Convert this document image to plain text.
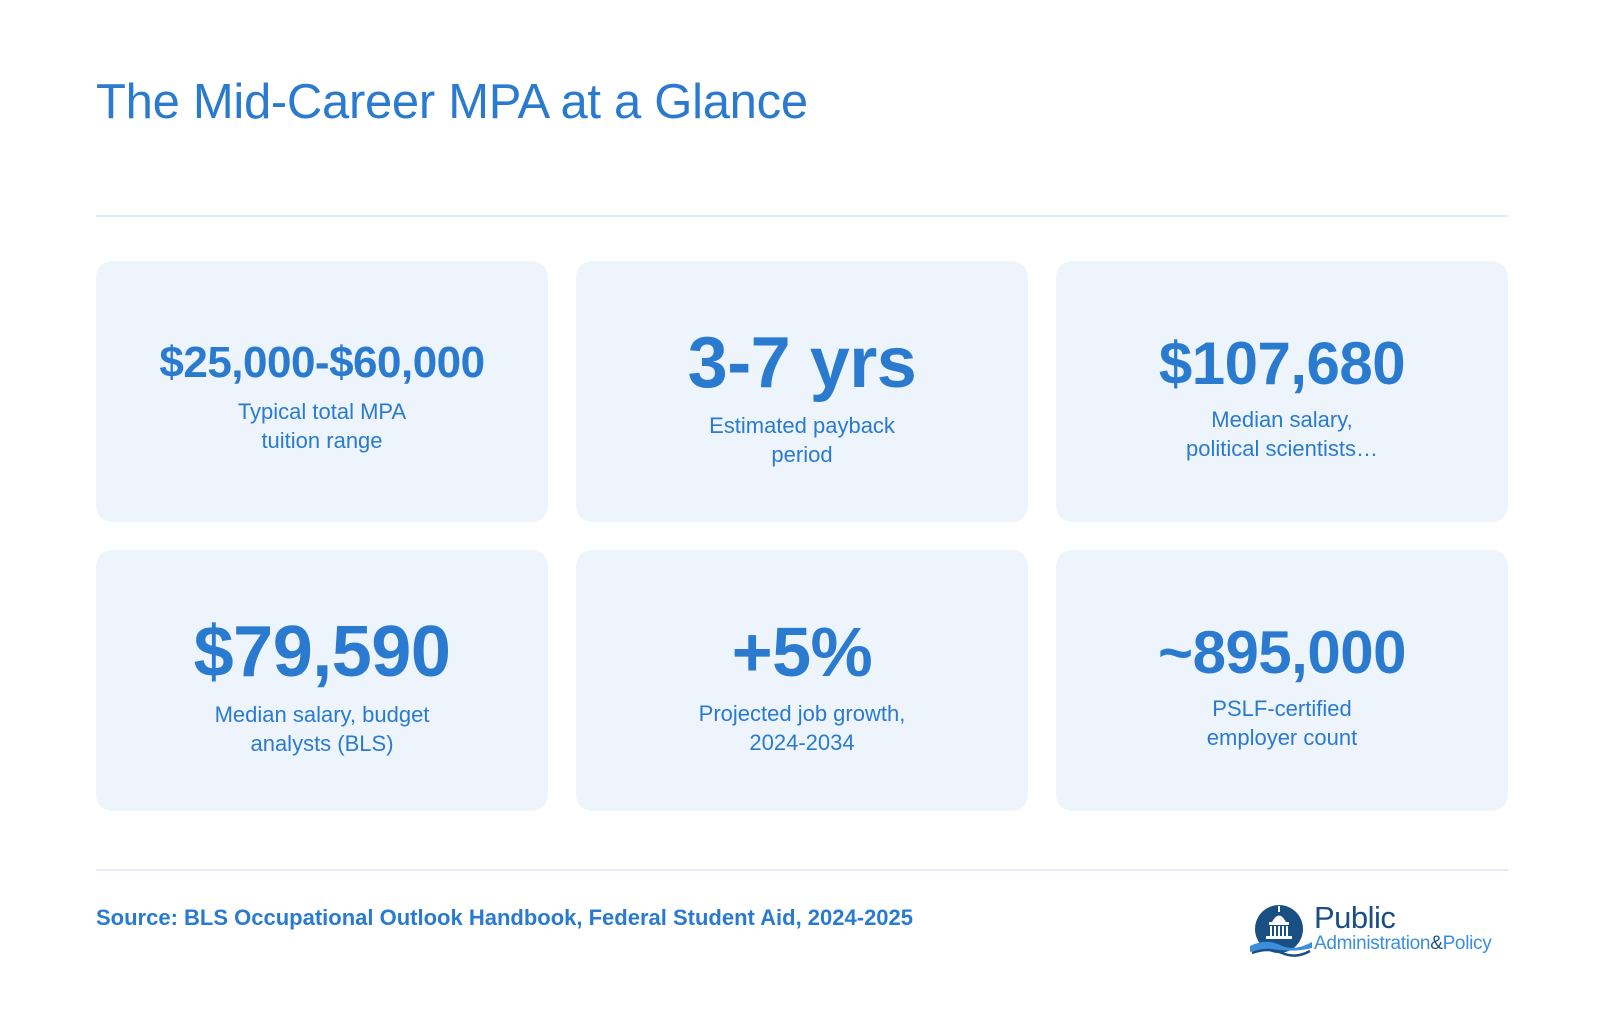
The Mid-Career MPA at a Glance
$25,000-$60,000
Typical total MPA
tuition range
3-7 yrs
Estimated payback
period
$107,680
Median salary,
political scientists…
$79,590
Median salary, budget
analysts (BLS)
+5%
Projected job growth,
2024-2034
~895,000
PSLF-certified
employer count
Source: BLS Occupational Outlook Handbook, Federal Student Aid, 2024-2025	Public
Administration&Policy
